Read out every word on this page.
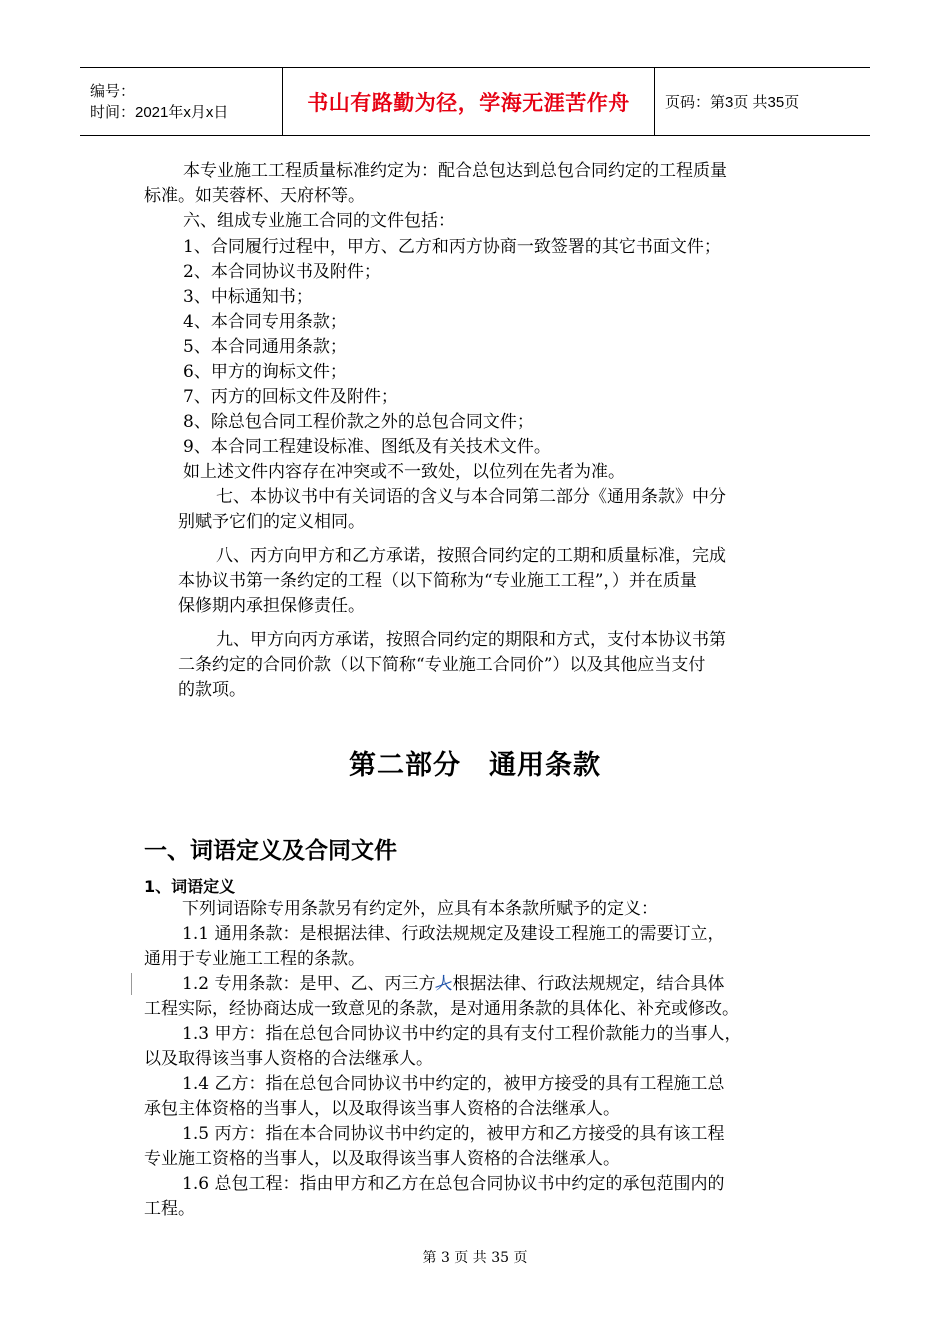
编号：
时间：2021年x月x日	书山有路勤为径，学海无涯苦作舟 页码：第3页 共35页
本专业施工工程质量标准约定为：配合总包达到总包合同约定的工程质量
标准。如芙蓉杯、天府杯等。
六、组成专业施工合同的文件包括：
1、合同履行过程中，甲方、乙方和丙方协商一致签署的其它书面文件；
2、本合同协议书及附件；
3、中标通知书；
4、本合同专用条款；
5、本合同通用条款；
6、甲方的询标文件；
7、丙方的回标文件及附件；
8、除总包合同工程价款之外的总包合同文件；
9、本合同工程建设标准、图纸及有关技术文件。
如上述文件内容存在冲突或不一致处，以位列在先者为准。
七、本协议书中有关词语的含义与本合同第二部分《通用条款》中分
别赋予它们的定义相同。
八、丙方向甲方和乙方承诺，按照合同约定的工期和质量标准，完成
本协议书第一条约定的工程（以下简称为“专业施工工程”，）并在质量
保修期内承担保修责任。
九、甲方向丙方承诺，按照合同约定的期限和方式，支付本协议书第
二条约定的合同价款（以下简称“专业施工合同价”）以及其他应当支付
的款项。
第二部分　通用条款
一、词语定义及合同文件
1、词语定义
下列词语除专用条款另有约定外，应具有本条款所赋予的定义：
1.1 通用条款：是根据法律、行政法规规定及建设工程施工的需要订立，
通用于专业施工工程的条款。
1.2 专用条款：是甲、乙、丙三方人根据法律、行政法规规定，结合具体
工程实际，经协商达成一致意见的条款，是对通用条款的具体化、补充或修改。
1.3 甲方：指在总包合同协议书中约定的具有支付工程价款能力的当事人，
以及取得该当事人资格的合法继承人。
1.4 乙方：指在总包合同协议书中约定的，被甲方接受的具有工程施工总
承包主体资格的当事人，以及取得该当事人资格的合法继承人。
1.5 丙方：指在本合同协议书中约定的，被甲方和乙方接受的具有该工程
专业施工资格的当事人，以及取得该当事人资格的合法继承人。
1.6 总包工程：指由甲方和乙方在总包合同协议书中约定的承包范围内的
工程。
第 3 页 共 35 页
